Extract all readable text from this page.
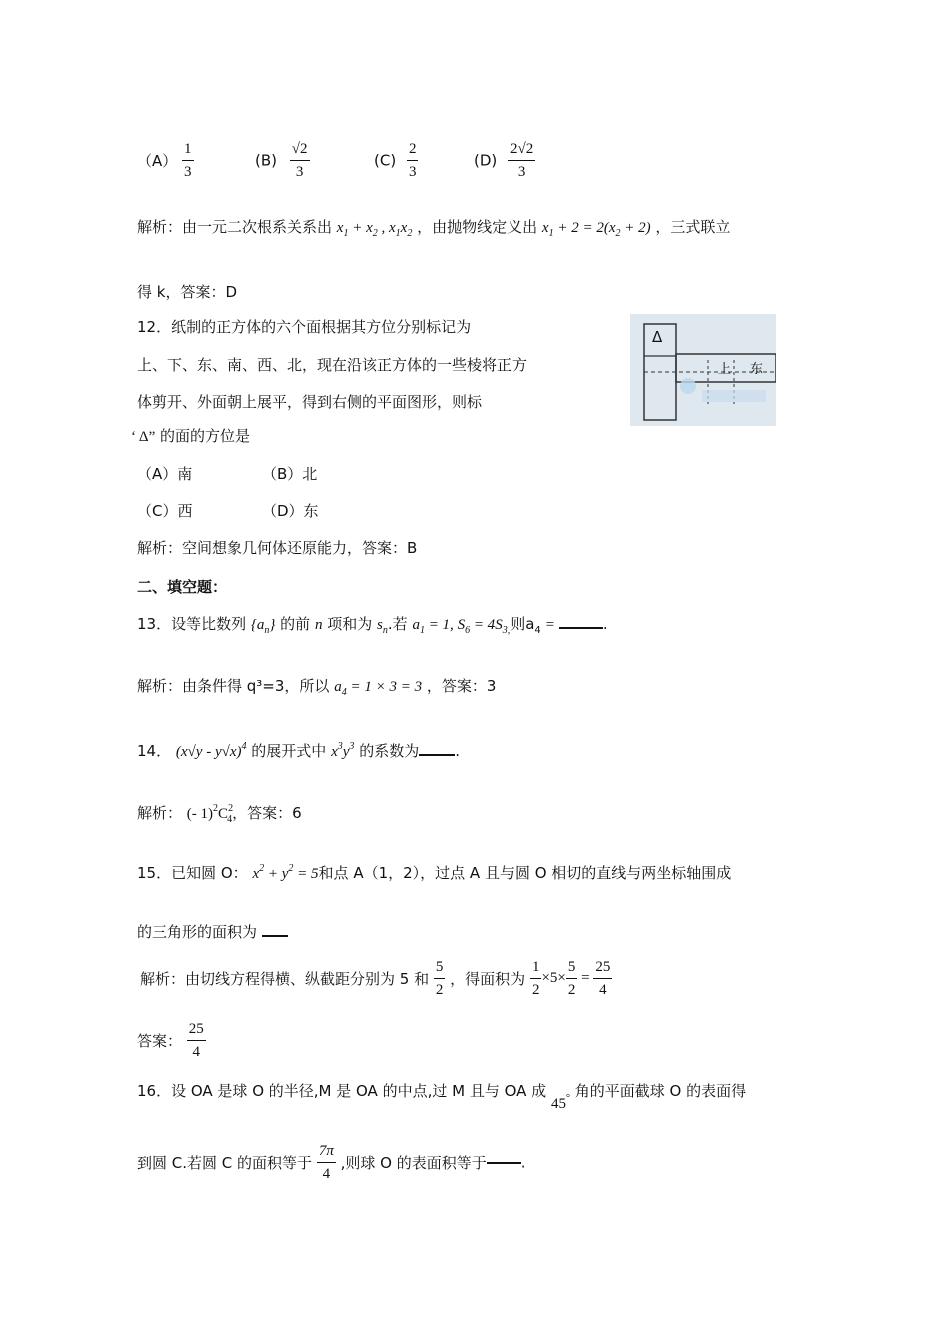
$(A) \frac{1}{3}$	$(B) \frac{√2}{3}$	$(C) \frac{2}{3}$	$(D) \frac{2√2}{3}$
解析：由一元二次根系关系出 $x_1 + x_2$ , $x_1x_2$ ，由抛物线定义出 $x_1 + 2 = 2(x_2 + 2)$ ，三式联立
得 k，答案：D
12．纸制的正方体的六个面根据其方位分别标记为
上、下、东、南、西、北，现在沿该正方体的一些棱将正方
体剪开、外面朝上展平，得到右侧的平面图形，则标
‘ Δ” 的面的方位是
（A）南	（B）北
（C）西	（D）东
解析：空间想象几何体还原能力，答案：B
Δ
上 东
二、填空题：
13．设等比数列 $\{a_n\}$ 的前 n 项和为 $s_n$.若 $a_1 = 1$, $S_6 = 4S_{3,}$则$a_4$ =	.
解析：由条件得 q³=3，所以 $a_4 = 1 \times 3 = 3$ ，答案：3
14． (x√y - y√x)$^4$ 的展开式中 $x^3y^3$ 的系数为 .
解析： (- $1)^2C^2_4$，答案：6
15．已知圆 O： $x^2 + y^2 = 5$和点 A（1，2），过点 A 且与圆 O 相切的直线与两坐标轴围成
的三角形的面积为
解析：由切线方程得横、纵截距分别为 5 和 $\frac{5}{2}$ ，得面积为 $\frac{1}{2} \times 5\times \frac{5}{2} = \frac{25}{4}$
答案： $\frac{25}{4}$
16．设 OA 是球 O 的半径,M 是 OA 的中点,过 M 且与 OA 成 45° 角的平面截球 O 的表面得
到圆 C.若圆 C 的面积等于 $\frac{7\pi}{4}$ ,则球 O 的表面积等于 .
